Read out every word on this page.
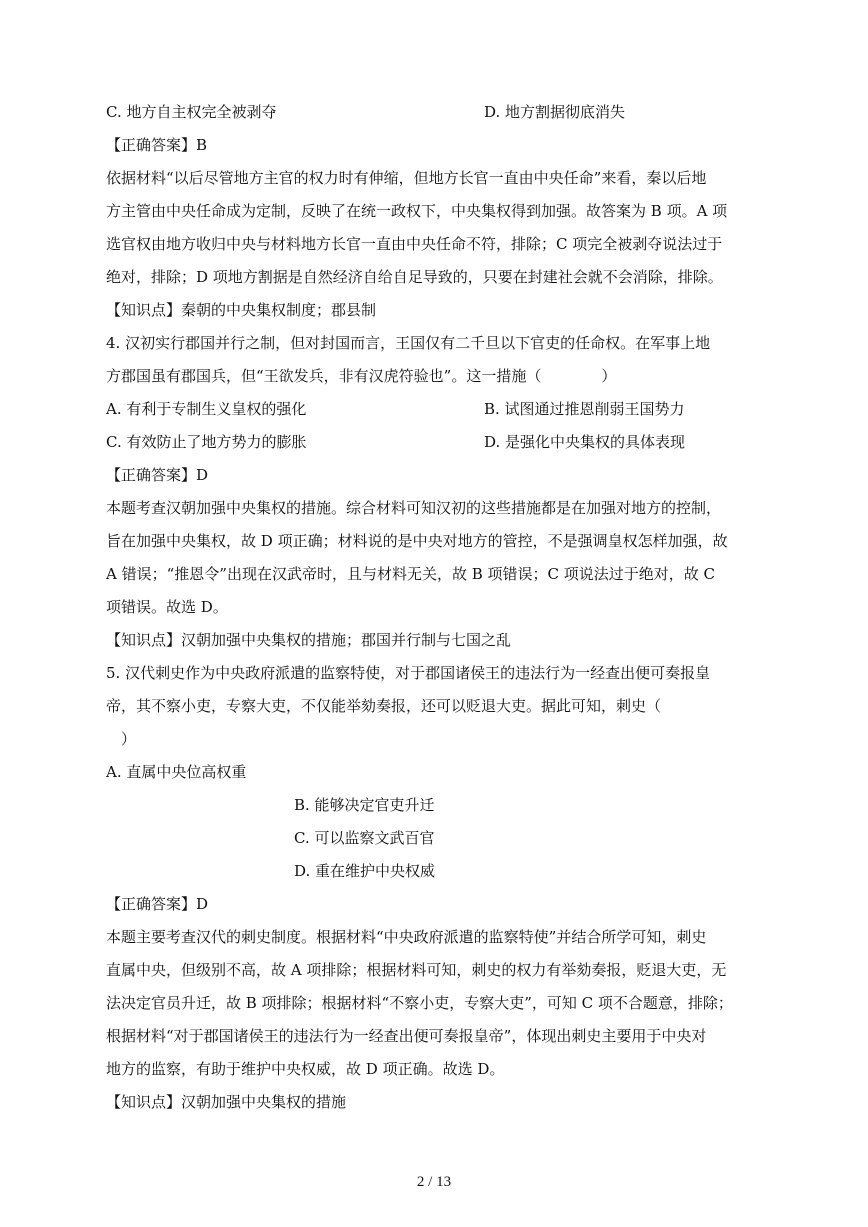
C. 地方自主权完全被剥夺	D. 地方割据彻底消失
【正确答案】B
依据材料“以后尽管地方主官的权力时有伸缩，但地方长官一直由中央任命”来看，秦以后地
方主管由中央任命成为定制，反映了在统一政权下，中央集权得到加强。故答案为 B 项。A 项
选官权由地方收归中央与材料地方长官一直由中央任命不符，排除；C 项完全被剥夺说法过于
绝对，排除；D 项地方割据是自然经济自给自足导致的，只要在封建社会就不会消除，排除。
【知识点】秦朝的中央集权制度；郡县制
4. 汉初实行郡国并行之制，但对封国而言，王国仅有二千旦以下官吏的任命权。在军事上地
方郡国虽有郡国兵，但“王欲发兵，非有汉虎符验也”。这一措施（　　　　）
A. 有利于专制生义皇权的强化	B. 试图通过推恩削弱王国势力
C. 有效防止了地方势力的膨胀	D. 是强化中央集权的具体表现
【正确答案】D
本题考查汉朝加强中央集权的措施。综合材料可知汉初的这些措施都是在加强对地方的控制，
旨在加强中央集权，故 D 项正确；材料说的是中央对地方的管控，不是强调皇权怎样加强，故
A 错误；“推恩令”出现在汉武帝时，且与材料无关，故 B 项错误；C 项说法过于绝对，故 C
项错误。故选 D。
【知识点】汉朝加强中央集权的措施；郡国并行制与七国之乱
5. 汉代刺史作为中央政府派遣的监察特使，对于郡国诸侯王的违法行为一经查出便可奏报皇
帝，其不察小吏，专察大吏，不仅能举劾奏报，还可以贬退大吏。据此可知，刺史（
　）
A. 直属中央位高权重
B. 能够决定官吏升迁
C. 可以监察文武百官
D. 重在维护中央权威
【正确答案】D
本题主要考查汉代的刺史制度。根据材料“中央政府派遣的监察特使”并结合所学可知，刺史
直属中央，但级别不高，故 A 项排除；根据材料可知，刺史的权力有举劾奏报，贬退大吏，无
法决定官员升迁，故 B 项排除；根据材料“不察小吏，专察大吏”，可知 C 项不合题意，排除；
根据材料“对于郡国诸侯王的违法行为一经查出便可奏报皇帝”，体现出刺史主要用于中央对
地方的监察，有助于维护中央权威，故 D 项正确。故选 D。
【知识点】汉朝加强中央集权的措施
2 / 13
